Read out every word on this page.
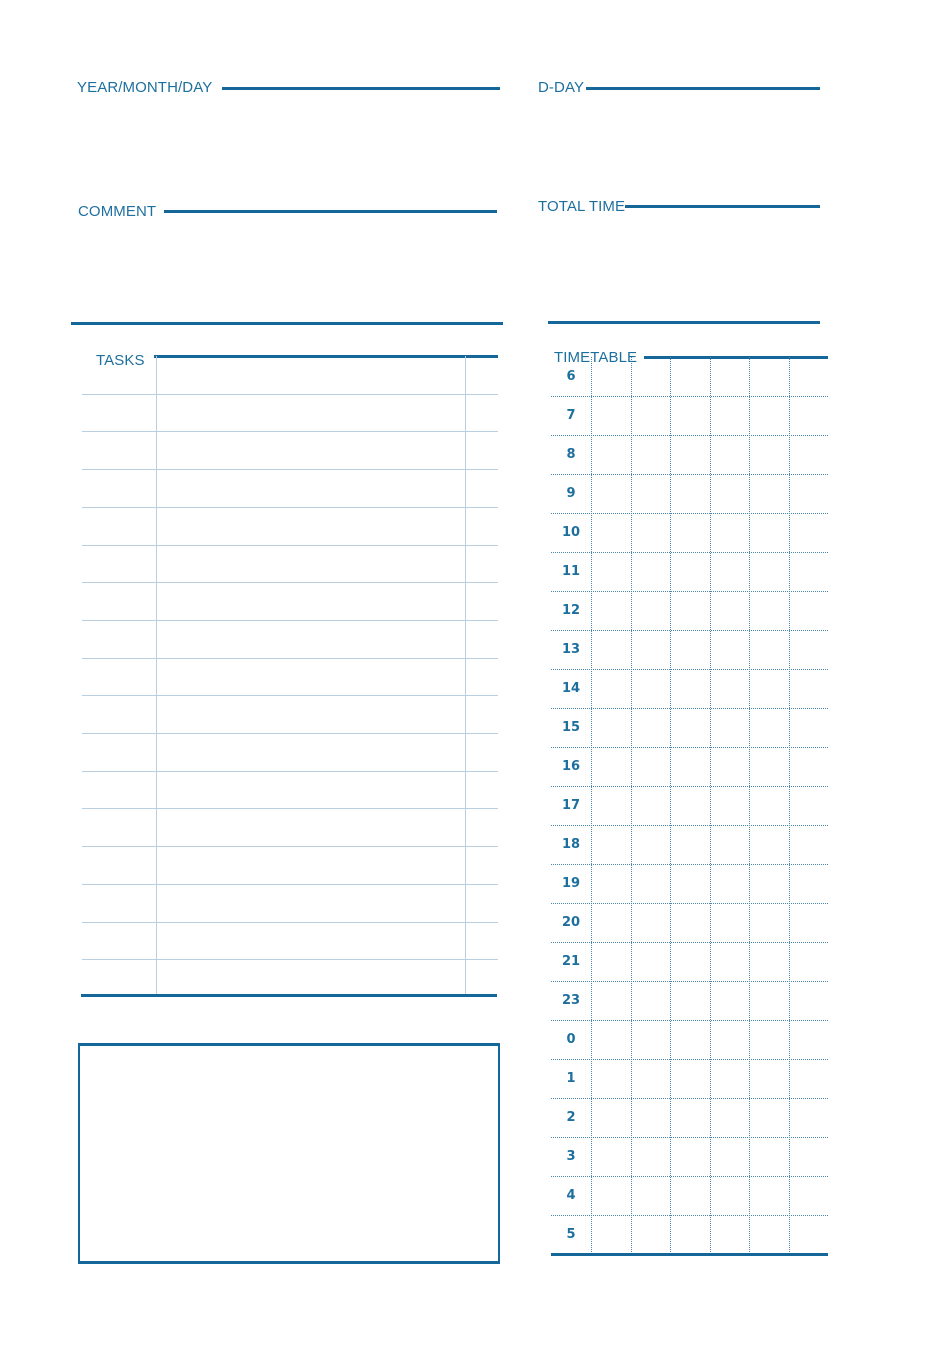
YEAR/MONTH/DAY	D-DAY
COMMENT	TOTAL TIME
TASKS
6
7
8
9
10
11
12
13
14
15
16
17
18
19
20
21
23
0
1
2
3
4
5
TIMETABLE
